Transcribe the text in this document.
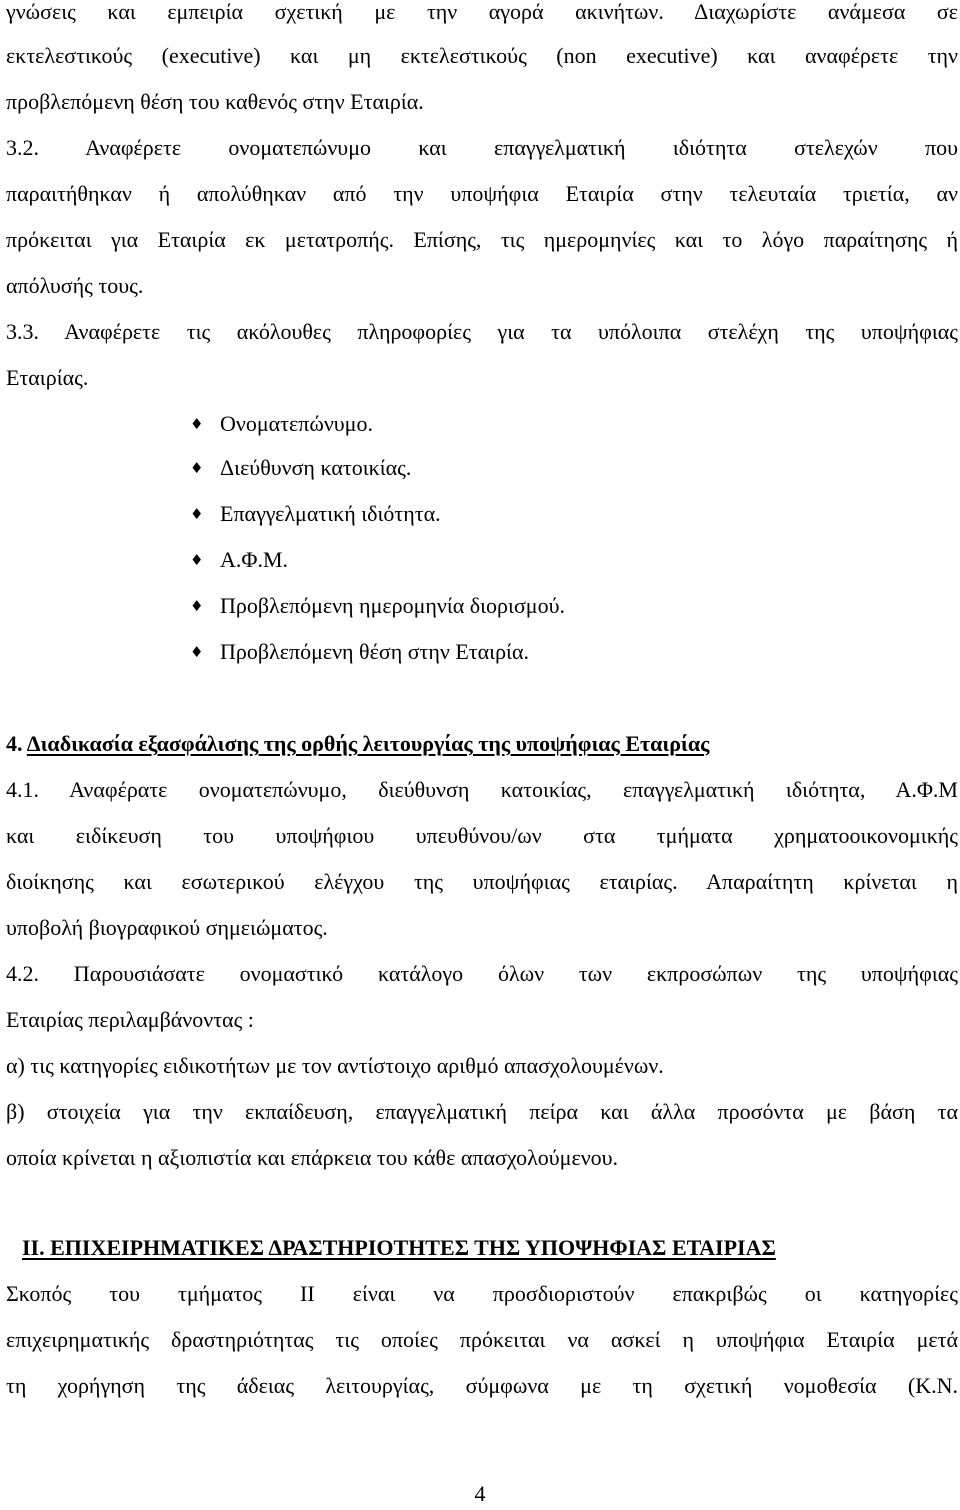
γνώσεις και εμπειρία σχετική με την αγορά ακινήτων. Διαχωρίστε ανάμεσα σε
εκτελεστικούς (executive) και μη εκτελεστικούς (non executive) και αναφέρετε την
προβλεπόμενη θέση του καθενός στην Εταιρία.
3.2. Αναφέρετε ονοματεπώνυμο και επαγγελματική ιδιότητα στελεχών που
παραιτήθηκαν ή απολύθηκαν από την υποψήφια Εταιρία στην τελευταία τριετία, αν
πρόκειται για Εταιρία εκ μετατροπής. Επίσης, τις ημερομηνίες και το λόγο παραίτησης ή
απόλυσής τους.
3.3. Αναφέρετε τις ακόλουθες πληροφορίες για τα υπόλοιπα στελέχη της υποψήφιας
Εταιρίας.
♦ Ονοματεπώνυμο.
♦ Διεύθυνση κατοικίας.
♦ Επαγγελματική ιδιότητα.
♦ Α.Φ.Μ.
♦ Προβλεπόμενη ημερομηνία διορισμού.
♦ Προβλεπόμενη θέση στην Εταιρία.
4. Διαδικασία εξασφάλισης της ορθής λειτουργίας της υποψήφιας Εταιρίας
4.1. Αναφέρατε ονοματεπώνυμο, διεύθυνση κατοικίας, επαγγελματική ιδιότητα, Α.Φ.Μ
και ειδίκευση του υποψήφιου υπευθύνου/ων στα τμήματα χρηματοοικονομικής
διοίκησης και εσωτερικού ελέγχου της υποψήφιας εταιρίας. Απαραίτητη κρίνεται η
υποβολή βιογραφικού σημειώματος.
4.2. Παρουσιάσατε ονομαστικό κατάλογο όλων των εκπροσώπων της υποψήφιας
Εταιρίας περιλαμβάνοντας :
α) τις κατηγορίες ειδικοτήτων με τον αντίστοιχο αριθμό απασχολουμένων.
β) στοιχεία για την εκπαίδευση, επαγγελματική πείρα και άλλα προσόντα με βάση τα
οποία κρίνεται η αξιοπιστία και επάρκεια του κάθε απασχολούμενου.
ΙΙ. ΕΠΙΧΕΙΡΗΜΑΤΙΚΕΣ ΔΡΑΣΤΗΡΙΟΤΗΤΕΣ ΤΗΣ ΥΠΟΨΗΦΙΑΣ ΕΤΑΙΡΙΑΣ
Σκοπός του τμήματος ΙΙ είναι να προσδιοριστούν επακριβώς οι κατηγορίες
επιχειρηματικής δραστηριότητας τις οποίες πρόκειται να ασκεί η υποψήφια Εταιρία μετά
τη χορήγηση της άδειας λειτουργίας, σύμφωνα με τη σχετική νομοθεσία (Κ.Ν.
4
